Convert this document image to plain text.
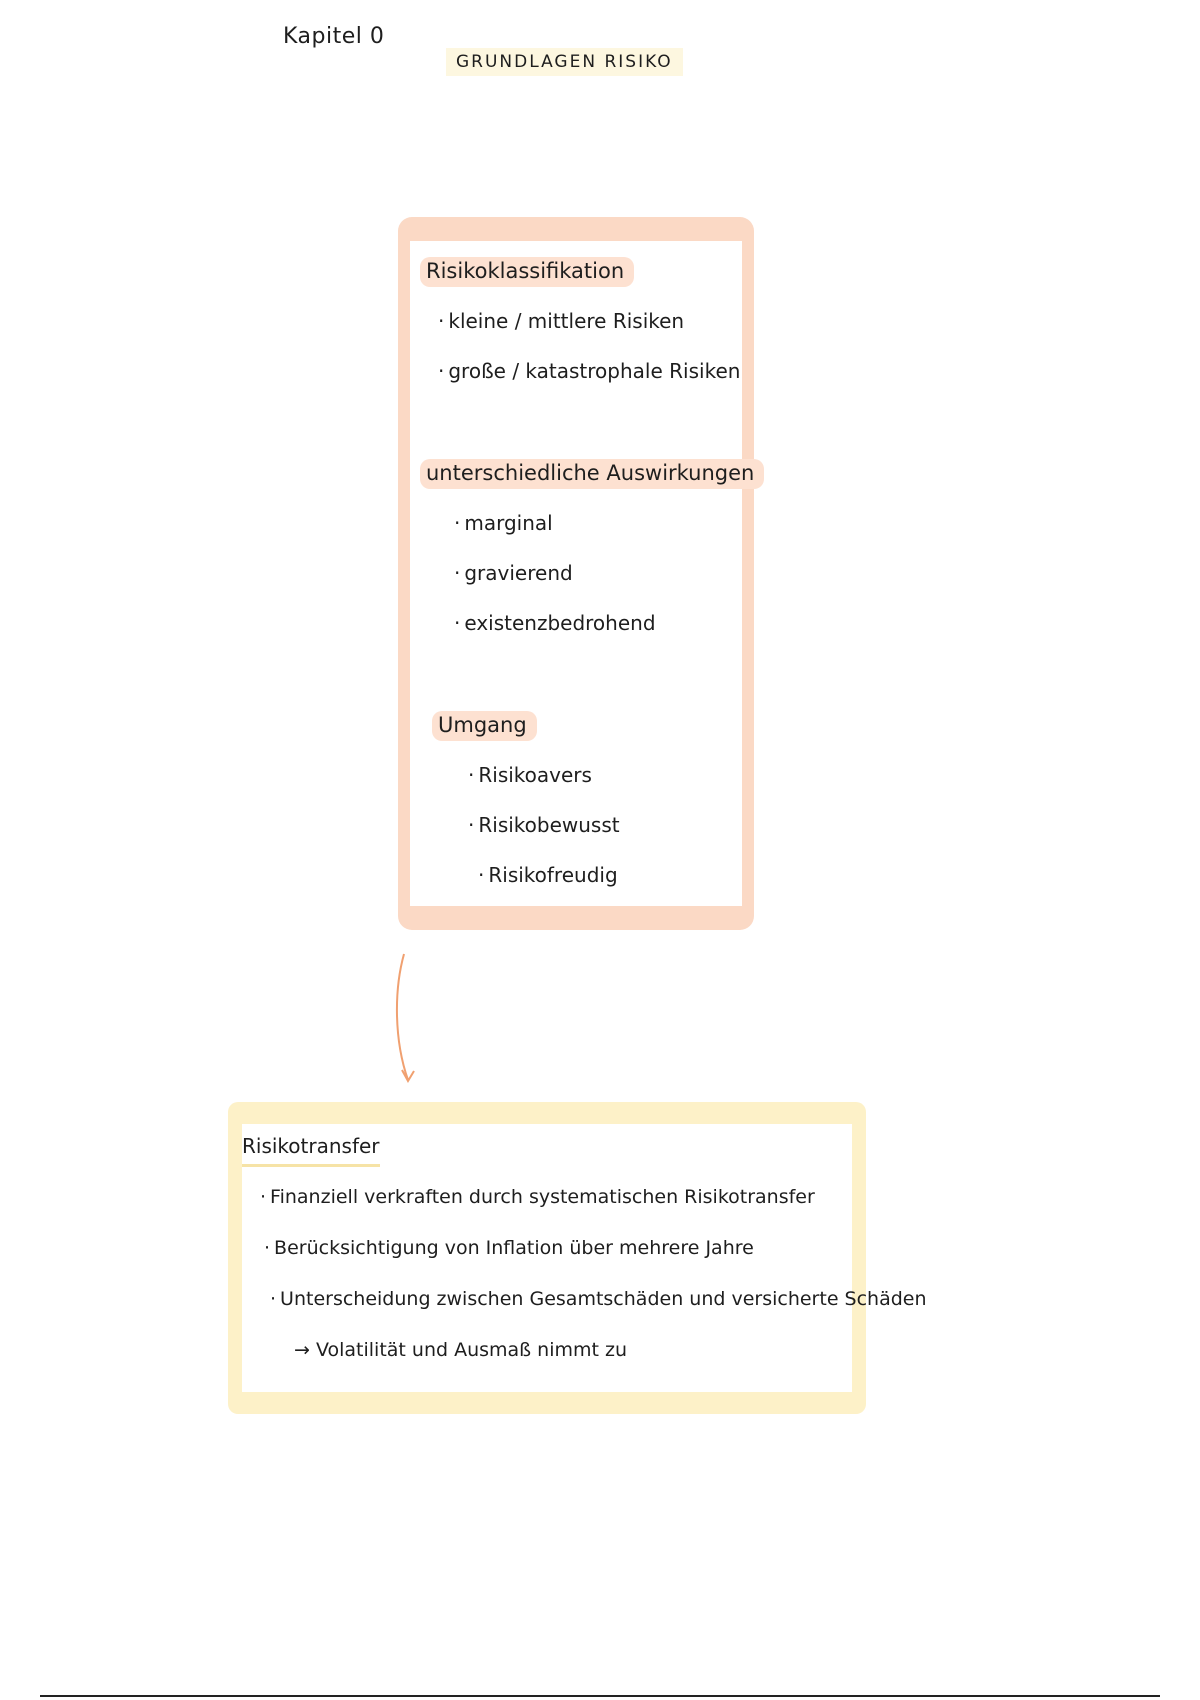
Kapitel 0
GRUNDLAGEN RISIKO
Risikoklassifikation
· kleine / mittlere Risiken
· große / katastrophale Risiken
unterschiedliche Auswirkungen
· marginal
· gravierend
· existenzbedrohend
Umgang
· Risikoavers
· Risikobewusst
· Risikofreudig
Risikotransfer
· Finanziell verkraften durch systematischen Risikotransfer
· Berücksichtigung von Inflation über mehrere Jahre
· Unterscheidung zwischen Gesamtschäden und versicherte Schäden
→ Volatilität und Ausmaß nimmt zu
